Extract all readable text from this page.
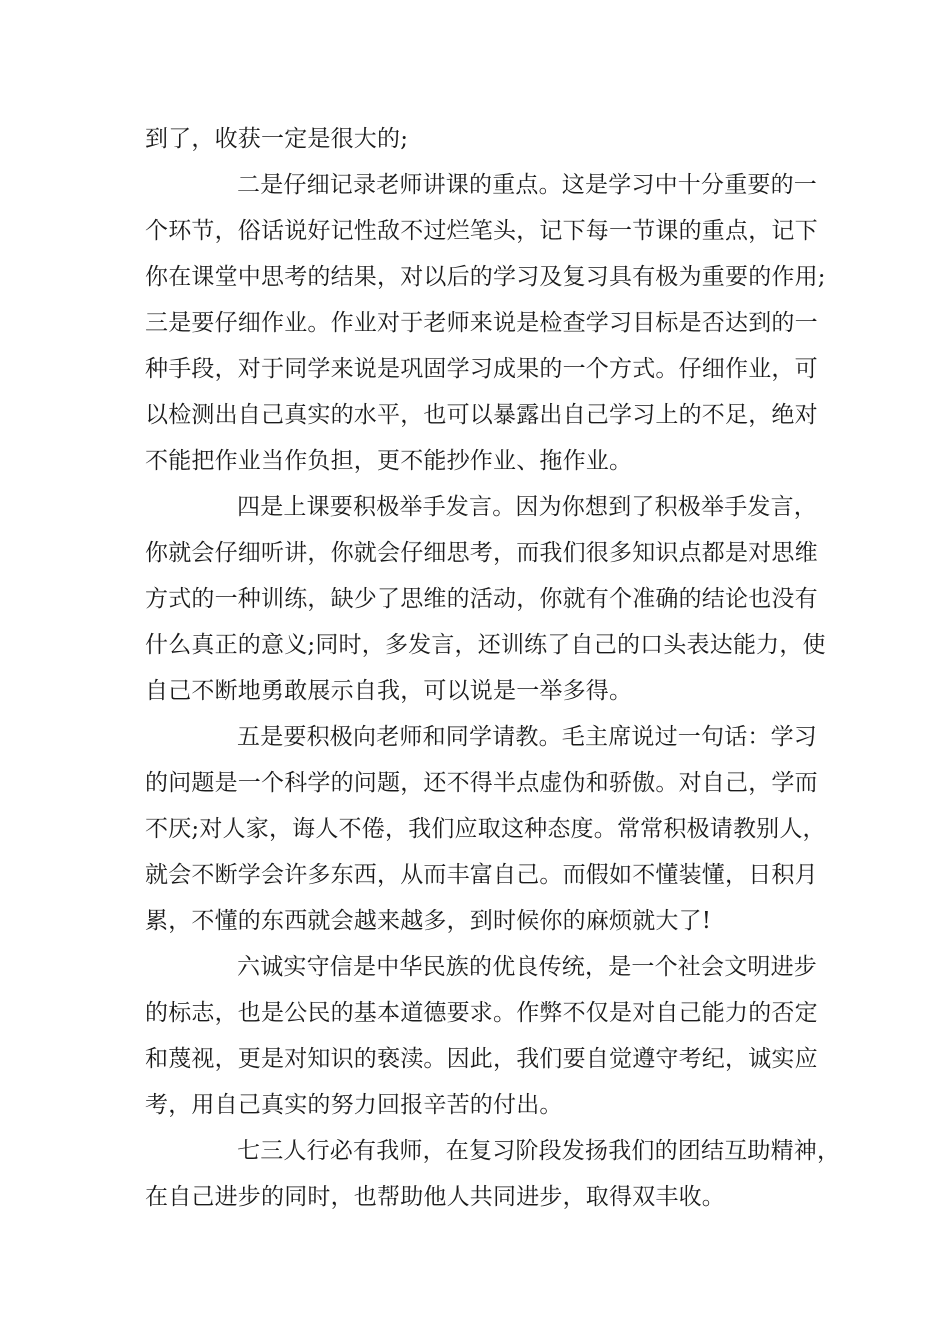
到了，收获一定是很大的;
二是仔细记录老师讲课的重点。这是学习中十分重要的一
个环节，俗话说好记性敌不过烂笔头，记下每一节课的重点，记下
你在课堂中思考的结果，对以后的学习及复习具有极为重要的作用;
三是要仔细作业。作业对于老师来说是检查学习目标是否达到的一
种手段，对于同学来说是巩固学习成果的一个方式。仔细作业，可
以检测出自己真实的水平，也可以暴露出自己学习上的不足，绝对
不能把作业当作负担，更不能抄作业、拖作业。
四是上课要积极举手发言。因为你想到了积极举手发言，
你就会仔细听讲，你就会仔细思考，而我们很多知识点都是对思维
方式的一种训练，缺少了思维的活动，你就有个准确的结论也没有
什么真正的意义;同时，多发言，还训练了自己的口头表达能力，使
自己不断地勇敢展示自我，可以说是一举多得。
五是要积极向老师和同学请教。毛主席说过一句话：学习
的问题是一个科学的问题，还不得半点虚伪和骄傲。对自己，学而
不厌;对人家，诲人不倦，我们应取这种态度。常常积极请教别人，
就会不断学会许多东西，从而丰富自己。而假如不懂装懂，日积月
累，不懂的东西就会越来越多，到时候你的麻烦就大了!
六诚实守信是中华民族的优良传统，是一个社会文明进步
的标志，也是公民的基本道德要求。作弊不仅是对自己能力的否定
和蔑视，更是对知识的亵渎。因此，我们要自觉遵守考纪，诚实应
考，用自己真实的努力回报辛苦的付出。
七三人行必有我师，在复习阶段发扬我们的团结互助精神，
在自己进步的同时，也帮助他人共同进步，取得双丰收。
